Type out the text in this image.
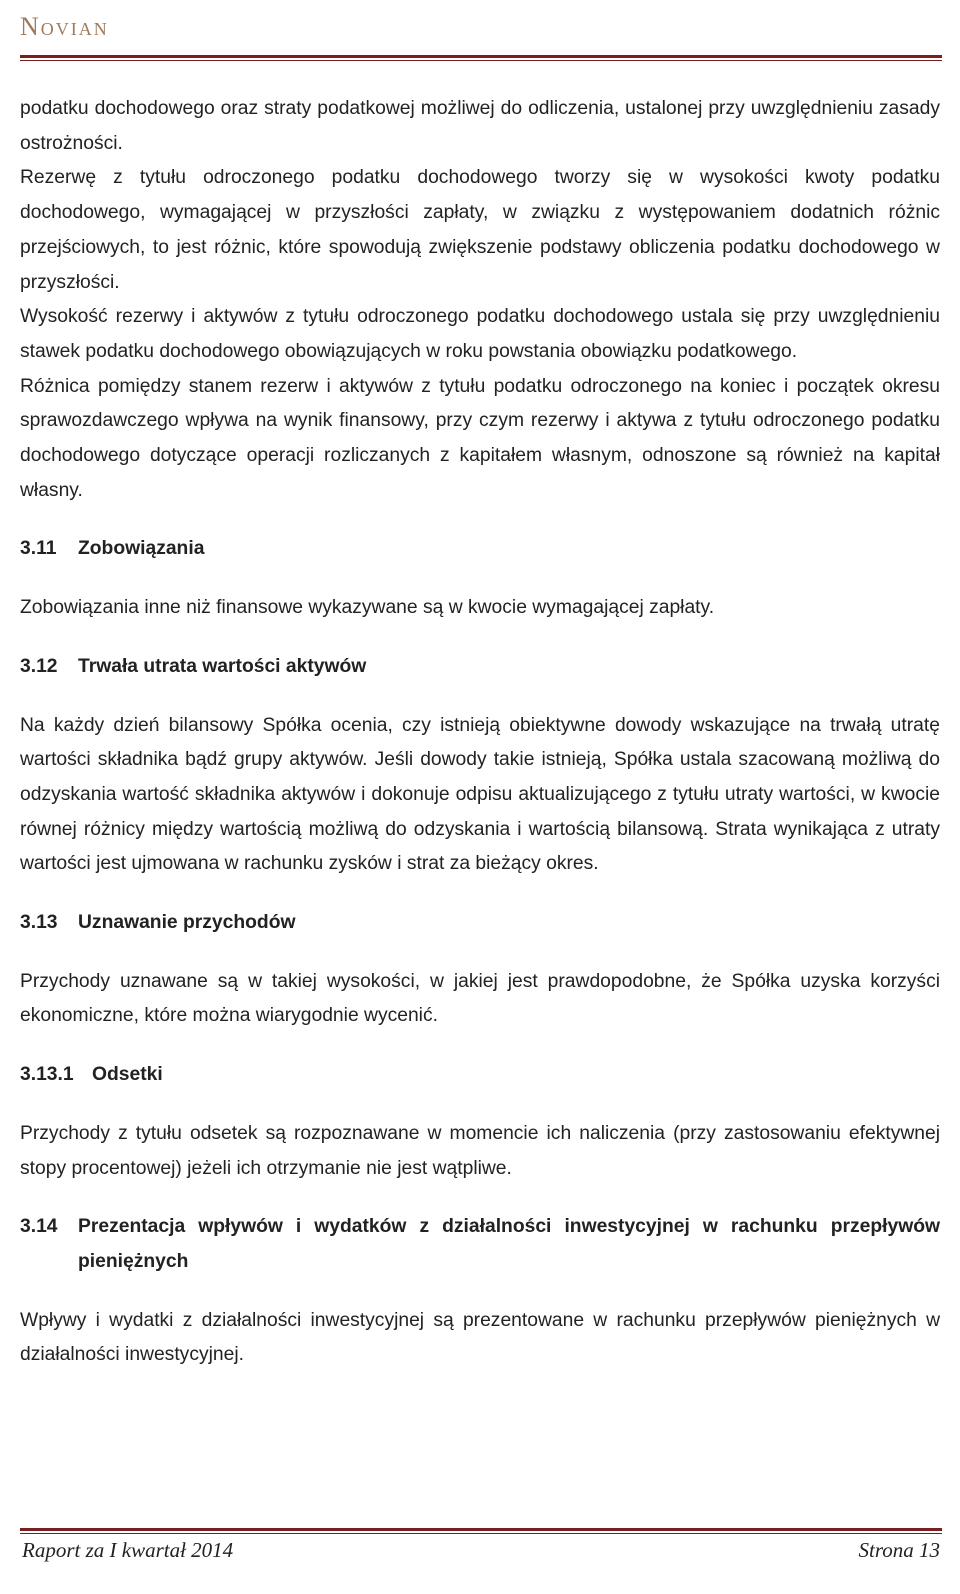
Novian

podatku dochodowego oraz straty podatkowej możliwej do odliczenia, ustalonej przy uwzględnieniu zasady ostrożności.

Rezerwę z tytułu odroczonego podatku dochodowego tworzy się w wysokości kwoty podatku dochodowego, wymagającej w przyszłości zapłaty, w związku z występowaniem dodatnich różnic przejściowych, to jest różnic, które spowodują zwiększenie podstawy obliczenia podatku dochodowego w przyszłości.

Wysokość rezerwy i aktywów z tytułu odroczonego podatku dochodowego ustala się przy uwzględnieniu stawek podatku dochodowego obowiązujących w roku powstania obowiązku podatkowego.

Różnica pomiędzy stanem rezerw i aktywów z tytułu podatku odroczonego na koniec i początek okresu sprawozdawczego wpływa na wynik finansowy, przy czym rezerwy i aktywa z tytułu odroczonego podatku dochodowego dotyczące operacji rozliczanych z kapitałem własnym, odnoszone są również na kapitał własny.

3.11	Zobowiązania

Zobowiązania inne niż finansowe wykazywane są w kwocie wymagającej zapłaty.

3.12	Trwała utrata wartości aktywów

Na każdy dzień bilansowy Spółka ocenia, czy istnieją obiektywne dowody wskazujące na trwałą utratę wartości składnika bądź grupy aktywów. Jeśli dowody takie istnieją, Spółka ustala szacowaną możliwą do odzyskania wartość składnika aktywów i dokonuje odpisu aktualizującego z tytułu utraty wartości, w kwocie równej różnicy między wartością możliwą do odzyskania i wartością bilansową. Strata wynikająca z utraty wartości jest ujmowana w rachunku zysków i strat za bieżący okres.

3.13	Uznawanie przychodów

Przychody uznawane są w takiej wysokości, w jakiej jest prawdopodobne, że Spółka uzyska korzyści ekonomiczne, które można wiarygodnie wycenić.

3.13.1 Odsetki

Przychody z tytułu odsetek są rozpoznawane w momencie ich naliczenia (przy zastosowaniu efektywnej stopy procentowej) jeżeli ich otrzymanie nie jest wątpliwe.

3.14	Prezentacja wpływów i wydatków z działalności inwestycyjnej w rachunku przepływów pieniężnych

Wpływy i wydatki z działalności inwestycyjnej są prezentowane w rachunku przepływów pieniężnych w działalności inwestycyjnej.

Raport za I kwartał 2014	Strona 13
